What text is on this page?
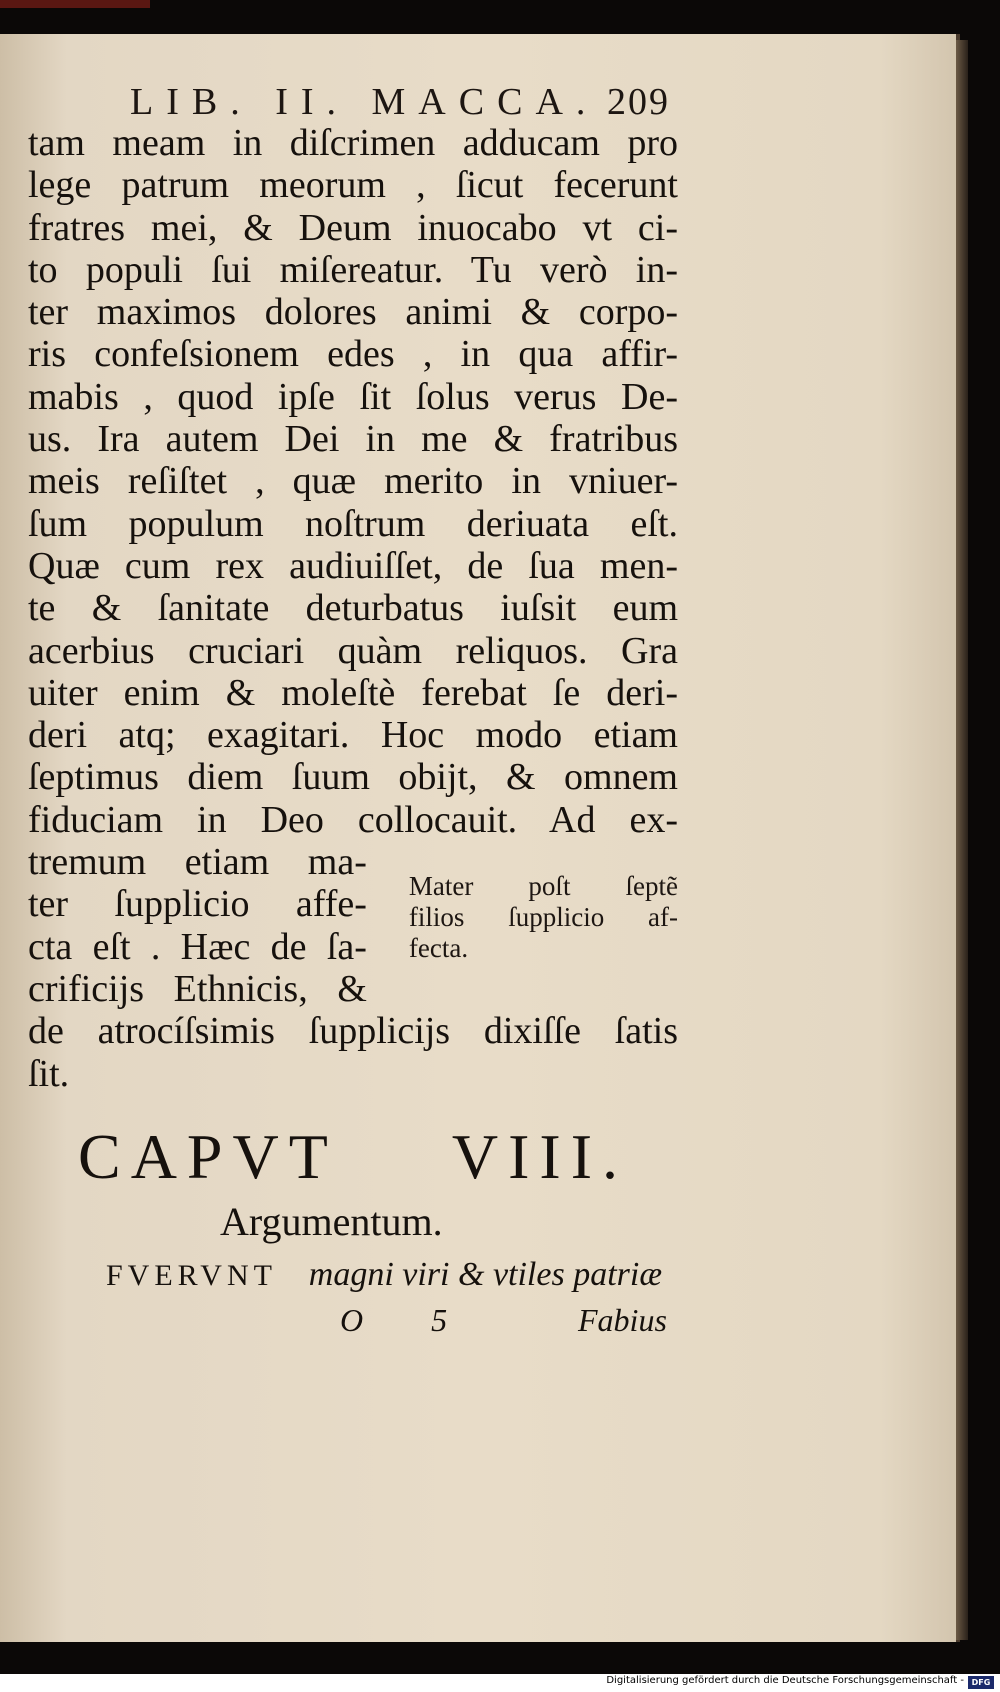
LIB. II. MACCA. 209
tam meam in diſcrimen adducam pro
lege patrum meorum , ſicut fecerunt
fratres mei, & Deum inuocabo vt ci-
to populi ſui miſereatur. Tu verò in-
ter maximos dolores animi & corpo-
ris confeſsionem edes , in qua affir-
mabis , quod ipſe ſit ſolus verus De-
us. Ira autem Dei in me & fratribus
meis reſiſtet , quæ merito in vniuer-
ſum populum noſtrum deriuata eſt.
Quæ cum rex audiuiſſet, de ſua men-
te & ſanitate deturbatus iuſsit eum
acerbius cruciari quàm reliquos. Gra
uiter enim & moleſtè ferebat ſe deri-
deri atq; exagitari. Hoc modo etiam
ſeptimus diem ſuum obijt, & omnem
fiduciam in Deo collocauit. Ad ex-
tremum etiam ma-
ter ſupplicio affe-
cta eſt . Hæc de ſa-
crificijs Ethnicis, &
Mater poſt ſeptẽ
filios ſupplicio af-
fecta.
de atrocíſsimis ſupplicijs dixiſſe ſatis
ſit.
CAPVT VIII.
Argumentum.
FVERVNT magni viri & vtiles patriæ
O 5	Fabius
Digitalisierung gefördert durch die Deutsche Forschungsgemeinschaft - DFG
